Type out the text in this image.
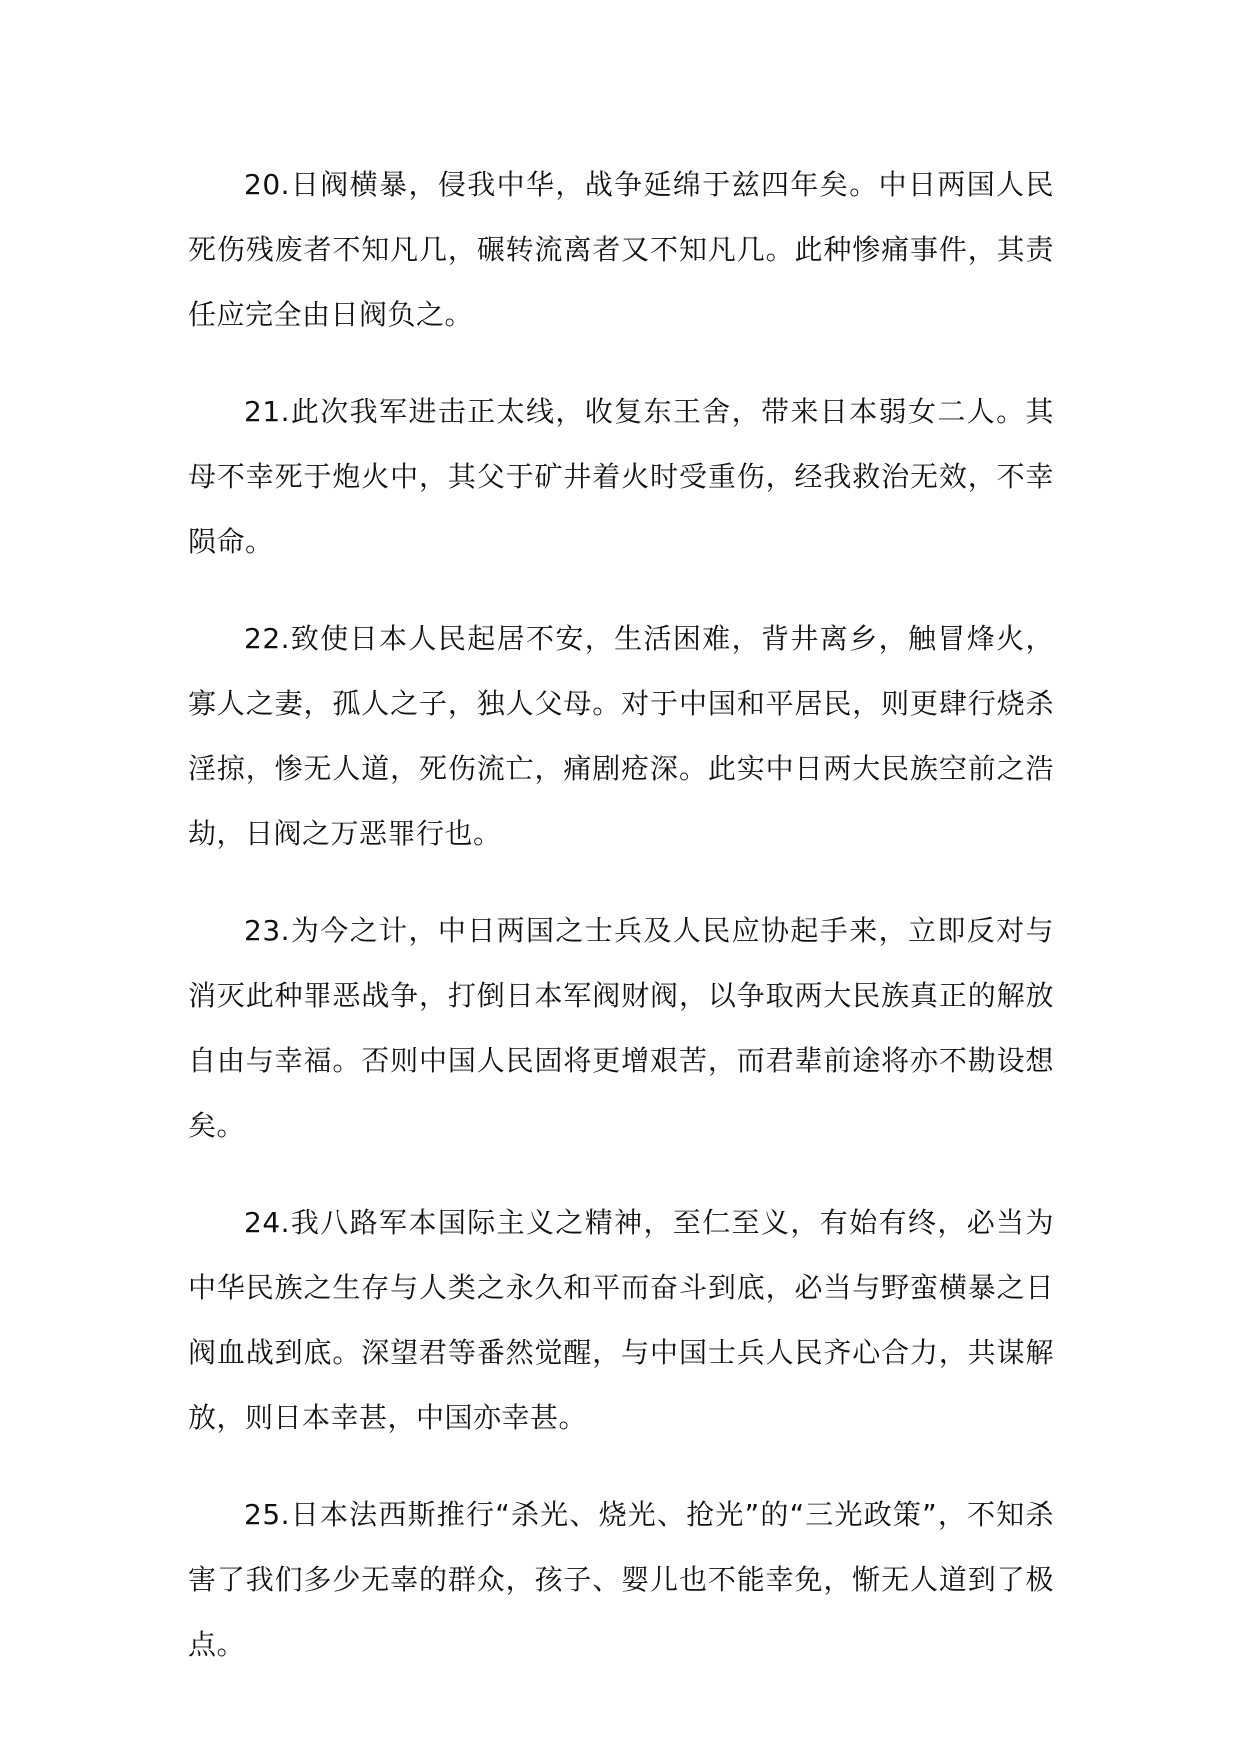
20.日阀横暴，侵我中华，战争延绵于兹四年矣。中日两国人民死伤残废者不知凡几，碾转流离者又不知凡几。此种惨痛事件，其责任应完全由日阀负之。

21.此次我军进击正太线，收复东王舍，带来日本弱女二人。其母不幸死于炮火中，其父于矿井着火时受重伤，经我救治无效，不幸陨命。

22.致使日本人民起居不安，生活困难，背井离乡，触冒烽火，寡人之妻，孤人之子，独人父母。对于中国和平居民，则更肆行烧杀淫掠，惨无人道，死伤流亡，痛剧疮深。此实中日两大民族空前之浩劫，日阀之万恶罪行也。

23.为今之计，中日两国之士兵及人民应协起手来，立即反对与消灭此种罪恶战争，打倒日本军阀财阀，以争取两大民族真正的解放自由与幸福。否则中国人民固将更增艰苦，而君辈前途将亦不勘设想矣。

24.我八路军本国际主义之精神，至仁至义，有始有终，必当为中华民族之生存与人类之永久和平而奋斗到底，必当与野蛮横暴之日阀血战到底。深望君等番然觉醒，与中国士兵人民齐心合力，共谋解放，则日本幸甚，中国亦幸甚。

25.日本法西斯推行“杀光、烧光、抢光”的“三光政策”，不知杀害了我们多少无辜的群众，孩子、婴儿也不能幸免，惭无人道到了极点。
